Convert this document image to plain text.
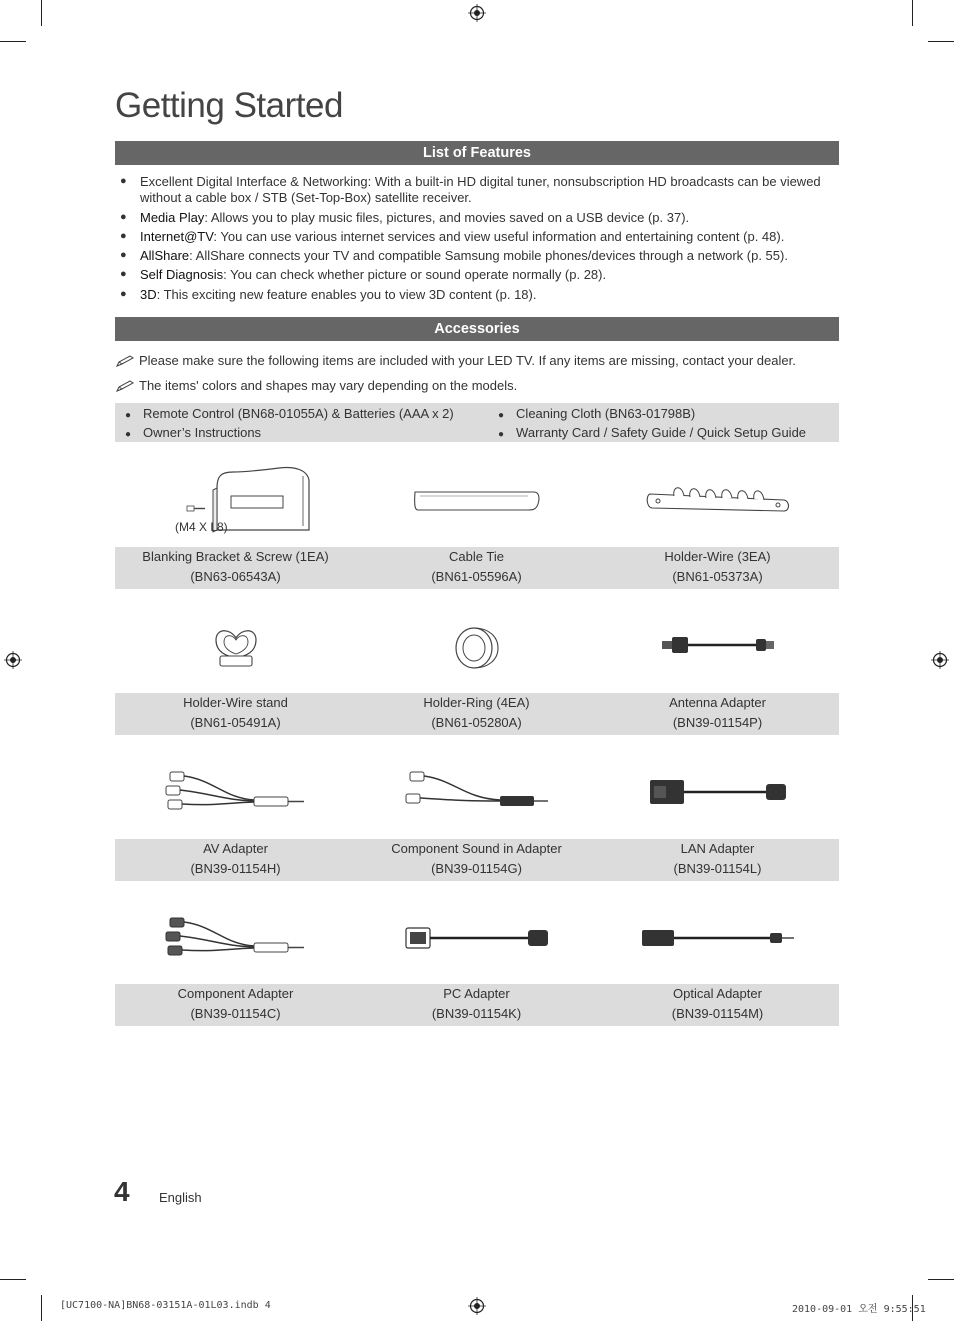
Getting Started
List of Features
● Excellent Digital Interface & Networking: With a built-in HD digital tuner, nonsubscription HD broadcasts can be viewed
without a cable box / STB (Set-Top-Box) satellite receiver.
● Media Play: Allows you to play music files, pictures, and movies saved on a USB device (p. 37).
● Internet@TV: You can use various internet services and view useful information and entertaining content (p. 48).
● AllShare: AllShare connects your TV and compatible Samsung mobile phones/devices through a network (p. 55).
● Self Diagnosis: You can check whether picture or sound operate normally (p. 28).
● 3D: This exciting new feature enables you to view 3D content (p. 18).
Accessories
Please make sure the following items are included with your LED TV. If any items are missing, contact your dealer.
The items' colors and shapes may vary depending on the models.
● Remote Control (BN68-01055A) & Batteries (AAA x 2)
● Owner’s Instructions
● Cleaning Cloth (BN63-01798B)
● Warranty Card / Safety Guide / Quick Setup Guide
(M4 X L8)
Blanking Bracket & Screw (1EA)
(BN63-06543A)
Cable Tie
(BN61-05596A)
Holder-Wire (3EA)
(BN61-05373A)
Holder-Wire stand
(BN61-05491A)
Holder-Ring (4EA)
(BN61-05280A)
Antenna Adapter
(BN39-01154P)
AV Adapter
(BN39-01154H)
Component Sound in Adapter
(BN39-01154G)
LAN Adapter
(BN39-01154L)
Component Adapter
(BN39-01154C)
PC Adapter
(BN39-01154K)
Optical Adapter
(BN39-01154M)
4 English
[UC7100-NA]BN68-03151A-01L03.indb 4	2010-09-01 오전 9:55:51
